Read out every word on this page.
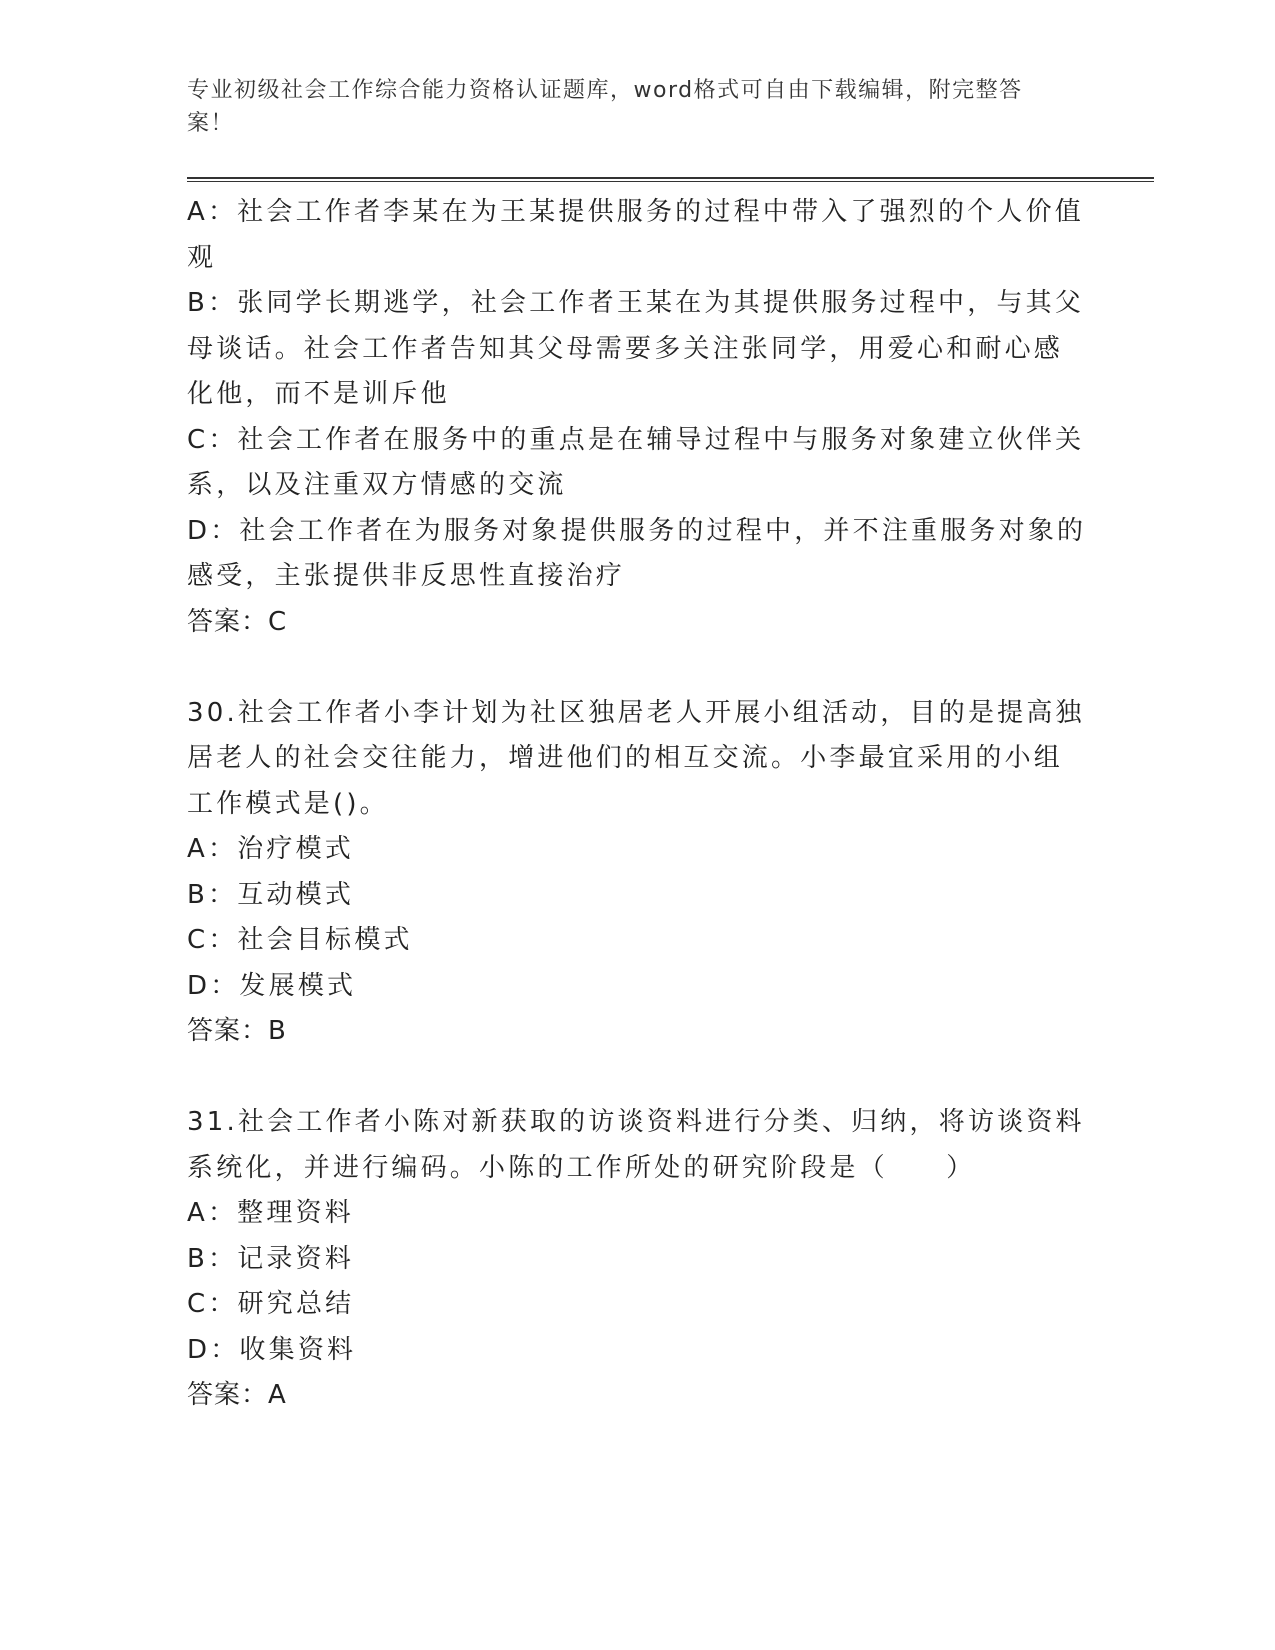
专业初级社会工作综合能力资格认证题库，word格式可自由下载编辑，附完整答
案！

A：社会工作者李某在为王某提供服务的过程中带入了强烈的个人价值

观

B：张同学长期逃学，社会工作者王某在为其提供服务过程中，与其父

母谈话。社会工作者告知其父母需要多关注张同学，用爱心和耐心感

化他，而不是训斥他

C：社会工作者在服务中的重点是在辅导过程中与服务对象建立伙伴关

系，以及注重双方情感的交流

D：社会工作者在为服务对象提供服务的过程中，并不注重服务对象的

感受，主张提供非反思性直接治疗

答案：C

30.社会工作者小李计划为社区独居老人开展小组活动，目的是提高独

居老人的社会交往能力，增进他们的相互交流。小李最宜采用的小组

工作模式是()。

A：治疗模式

B：互动模式

C：社会目标模式

D：发展模式

答案：B

31.社会工作者小陈对新获取的访谈资料进行分类、归纳，将访谈资料

系统化，并进行编码。小陈的工作所处的研究阶段是（　　）

A：整理资料

B：记录资料

C：研究总结

D：收集资料

答案：A
